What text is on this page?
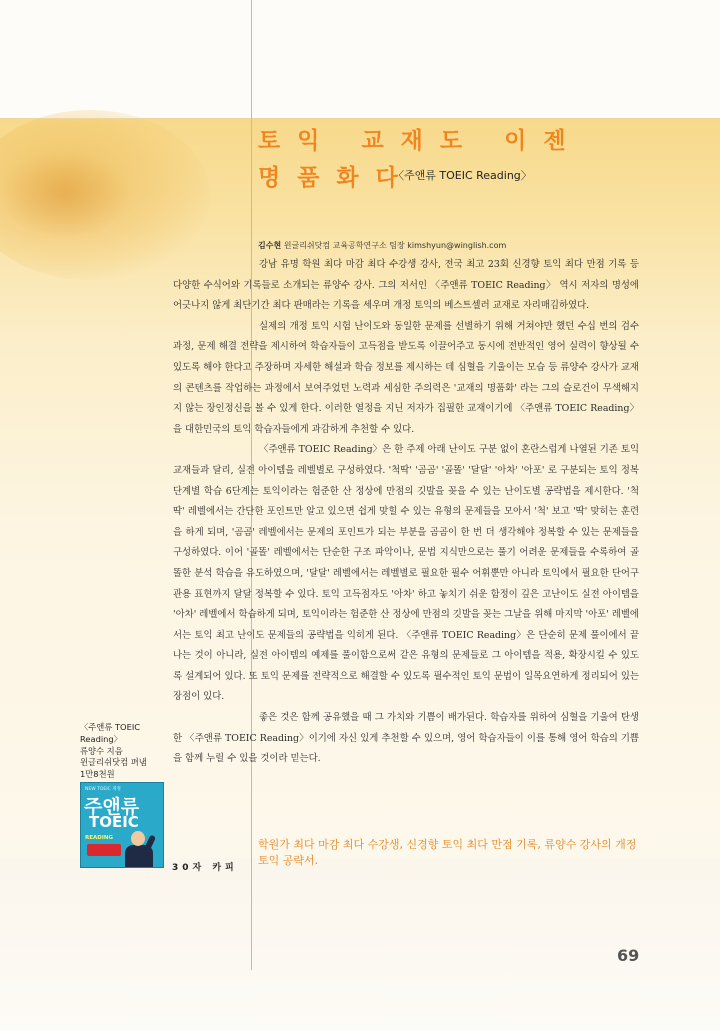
토익 교재도 이젠
명품화다
〈주앤류 TOEIC Reading〉
김수현 윈글리쉬닷컴 교육공학연구소 팀장 kimshyun@winglish.com

강남 유명 학원 최다 마감 최다 수강생 강사, 전국 최고 23회 신경향 토익 최다 만점 기록 등 다양한 수식어와 기록들로 소개되는 류양수 강사. 그의 저서인 〈주앤류 TOEIC Reading〉 역시 저자의 명성에 어긋나지 않게 최단기간 최다 판매라는 기록을 세우며 개정 토익의 베스트셀러 교재로 자리매김하였다.

실제의 개정 토익 시험 난이도와 동일한 문제를 선별하기 위해 거쳐야만 했던 수십 번의 검수 과정, 문제 해결 전략을 제시하여 학습자들이 고득점을 받도록 이끌어주고 동시에 전반적인 영어 실력이 향상될 수 있도록 해야 한다고 주장하며 자세한 해설과 학습 정보를 제시하는 데 심혈을 기울이는 모습 등 류양수 강사가 교재의 콘텐츠를 작업하는 과정에서 보여주었던 노력과 세심한 주의력은 '교재의 명품화' 라는 그의 슬로건이 무색해지지 않는 장인정신을 볼 수 있게 한다. 이러한 열정을 지닌 저자가 집필한 교재이기에 〈주앤류 TOEIC Reading〉을 대한민국의 토익 학습자들에게 과감하게 추천할 수 있다.

〈주앤류 TOEIC Reading〉은 한 주제 아래 난이도 구분 없이 혼란스럽게 나열된 기존 토익 교재들과 달리, 실전 아이템을 레벨별로 구성하였다. '척딱' '곰곰' '골똘' '달달' '아차' '아포' 로 구분되는 토익 정복 단계별 학습 6단계는 토익이라는 험준한 산 정상에 만점의 깃발을 꽂을 수 있는 난이도별 공략법을 제시한다. '척딱' 레벨에서는 간단한 포인트만 알고 있으면 쉽게 맞힐 수 있는 유형의 문제들을 모아서 '척' 보고 '딱' 맞히는 훈련을 하게 되며, '곰곰' 레벨에서는 문제의 포인트가 되는 부분을 곰곰이 한 번 더 생각해야 정복할 수 있는 문제들을 구성하였다. 이어 '골똘' 레벨에서는 단순한 구조 파악이나, 문법 지식만으로는 풀기 어려운 문제들을 수록하여 골똘한 분석 학습을 유도하였으며, '달달' 레벨에서는 레벨별로 필요한 필수 어휘뿐만 아니라 토익에서 필요한 단어구 관용 표현까지 달달 정복할 수 있다. 토익 고득점자도 '아차' 하고 놓치기 쉬운 함정이 깊은 고난이도 실전 아이템을 '아차' 레벨에서 학습하게 되며, 토익이라는 험준한 산 정상에 만점의 깃발을 꽂는 그날을 위해 마지막 '아포' 레벨에서는 토익 최고 난이도 문제들의 공략법을 익히게 된다. 〈주앤류 TOEIC Reading〉은 단순히 문제 풀이에서 끝나는 것이 아니라, 실전 아이템의 예제를 풀이함으로써 같은 유형의 문제들로 그 아이템을 적용, 확장시킬 수 있도록 설계되어 있다. 또 토익 문제를 전략적으로 해결할 수 있도록 필수적인 토익 문법이 일목요연하게 정리되어 있는 장점이 있다.

좋은 것은 함께 공유했을 때 그 가치와 기쁨이 배가된다. 학습자를 위하여 심혈을 기울여 탄생한 〈주앤류 TOEIC Reading〉이기에 자신 있게 추천할 수 있으며, 영어 학습자들이 이를 통해 영어 학습의 기쁨을 함께 누릴 수 있을 것이라 믿는다.

〈주앤류 TOEIC
Reading〉
류양수 지음
윈글리쉬닷컴 펴냄
1만8천원
NEW TOEIC 개정
주앤류
TOEIC
READING
30자 카피
학원가 최다 마감 최다 수강생, 신경향 토익 최다 만점 기록, 류양수 강사의 개정 토익 공략서.
69
